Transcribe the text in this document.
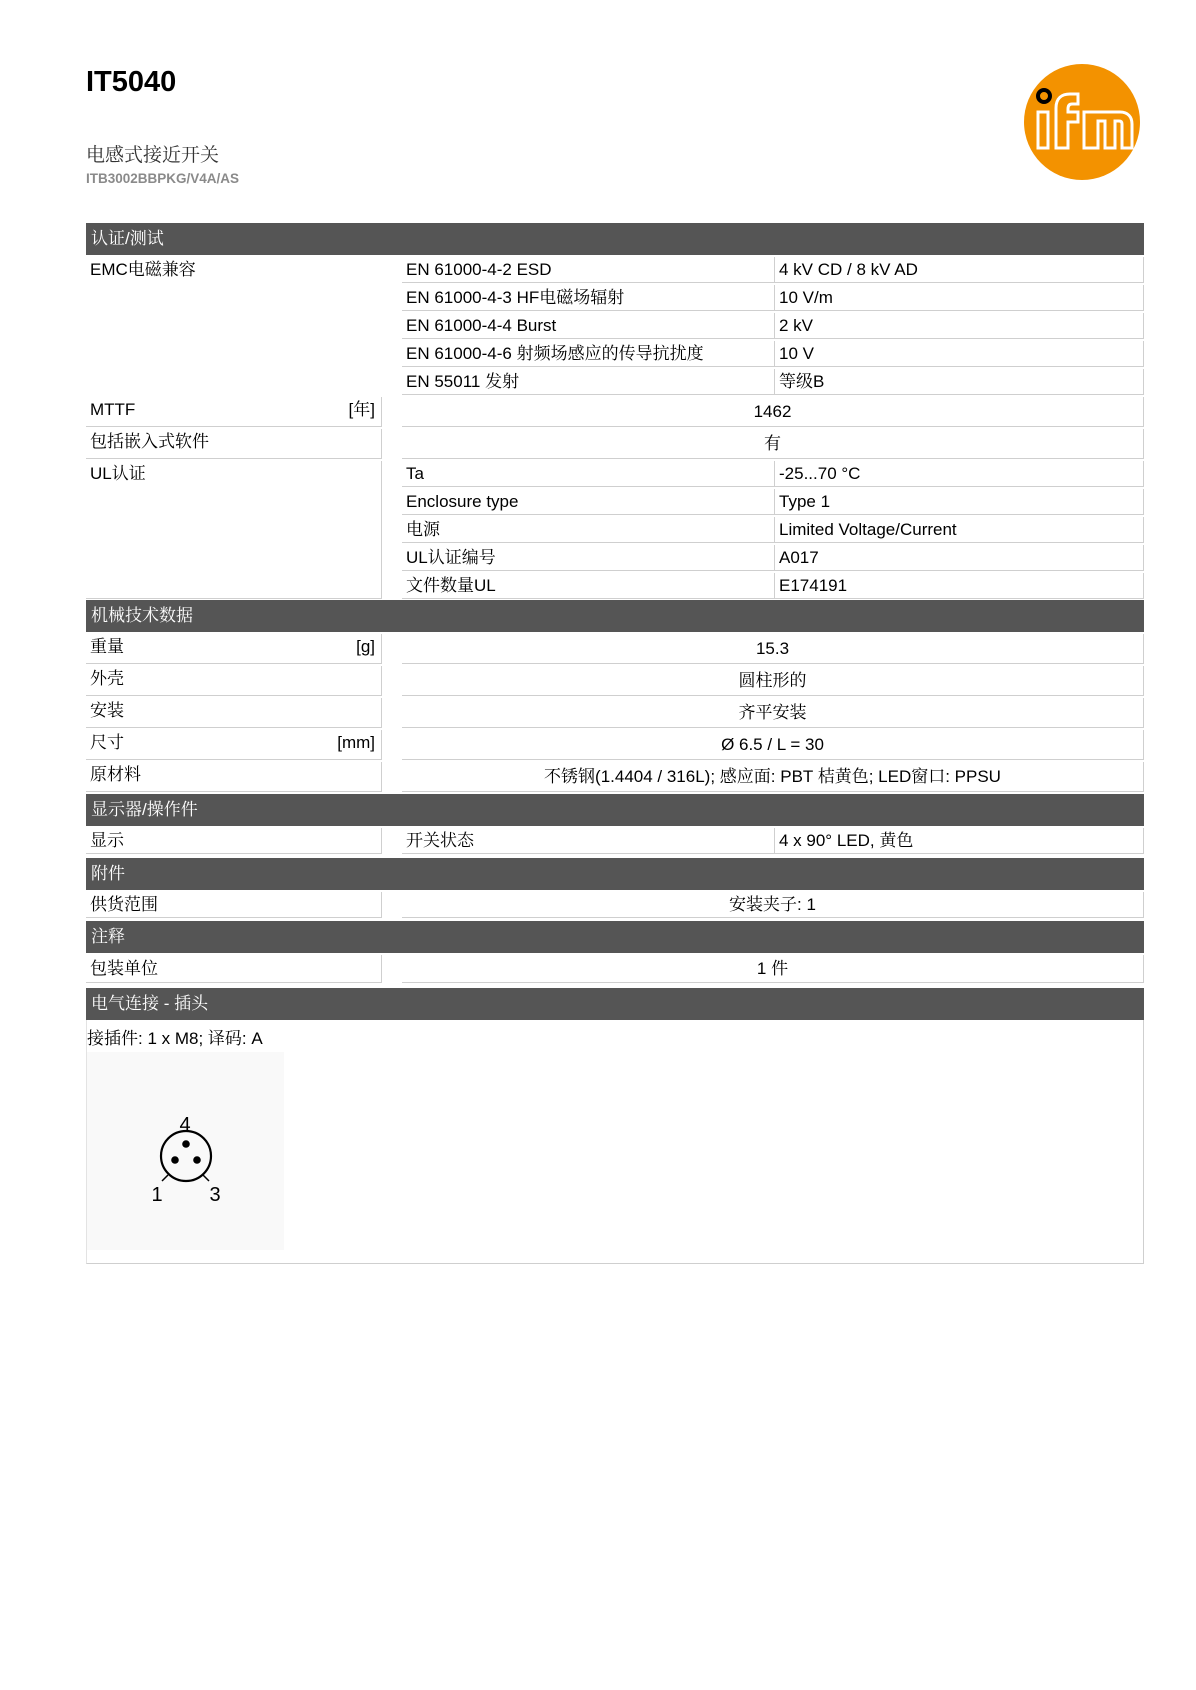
IT5040
电感式接近开关
ITB3002BBPKG/V4A/AS
认证/测试
EMC电磁兼容	EN 61000-4-2 ESD	4 kV CD / 8 kV AD
EN 61000-4-3 HF电磁场辐射	10 V/m
EN 61000-4-4 Burst	2 kV
EN 61000-4-6 射频场感应的传导抗扰度	10 V
EN 55011 发射	等级B
MTTF	[年]	1462
包括嵌入式软件	有
UL认证	Ta	-25...70 °C
Enclosure type	Type 1
电源	Limited Voltage/Current
UL认证编号	A017
文件数量UL	E174191
机械技术数据
重量	[g]	15.3
外壳	圆柱形的
安装	齐平安装
尺寸	[mm]	Ø 6.5 / L = 30
原材料	不锈钢(1.4404 / 316L); 感应面: PBT 桔黄色; LED窗口: PPSU
显示器/操作件
显示	开关状态	4 x 90° LED, 黄色
附件
供货范围	安装夹子: 1
注释
包装单位	1 件
电气连接 - 插头
接插件: 1 x M8; 译码: A
4
1 3
